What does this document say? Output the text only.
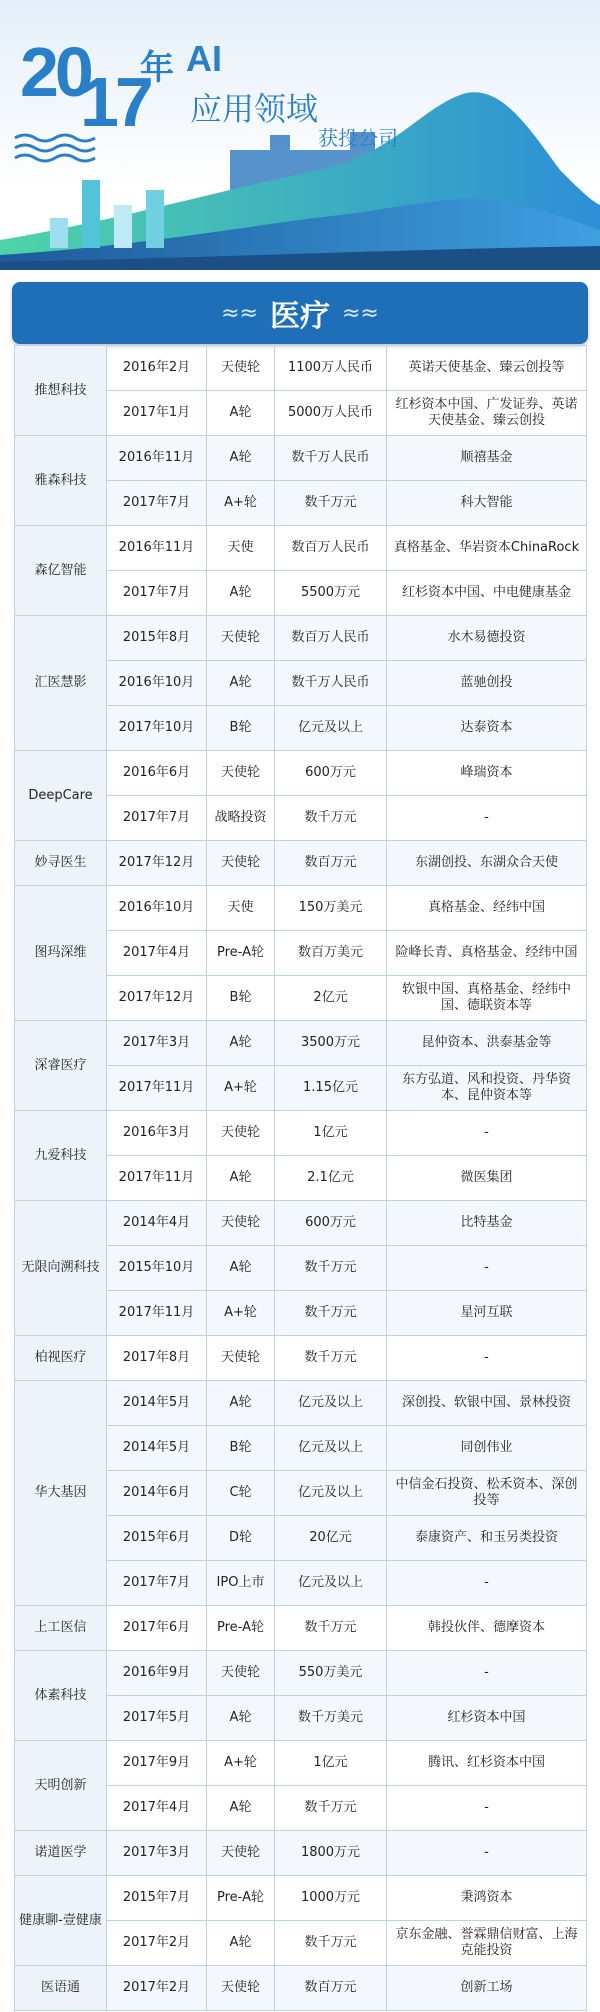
20
17
年 AI
应用领域
获投公司
≈≈ 医疗 ≈≈
推想科技	2016年2月	天使轮	1100万人民币	英诺天使基金、臻云创投等
	2017年1月	A轮	5000万人民币	红杉资本中国、广发证券、英诺天使基金、臻云创投
雅森科技	2016年11月	A轮	数千万人民币	顺禧基金
	2017年7月	A+轮	数千万元	科大智能
森亿智能	2016年11月	天使	数百万人民币	真格基金、华岩资本ChinaRock
	2017年7月	A轮	5500万元	红杉资本中国、中电健康基金
汇医慧影	2015年8月	天使轮	数百万人民币	水木易德投资
	2016年10月	A轮	数千万人民币	蓝驰创投
	2017年10月	B轮	亿元及以上	达泰资本
DeepCare	2016年6月	天使轮	600万元	峰瑞资本
	2017年7月	战略投资	数千万元	-
妙寻医生	2017年12月	天使轮	数百万元	东湖创投、东湖众合天使
图玛深维	2016年10月	天使	150万美元	真格基金、经纬中国
	2017年4月	Pre-A轮	数百万美元	险峰长青、真格基金、经纬中国
	2017年12月	B轮	2亿元	软银中国、真格基金、经纬中国、德联资本等
深睿医疗	2017年3月	A轮	3500万元	昆仲资本、洪泰基金等
	2017年11月	A+轮	1.15亿元	东方弘道、风和投资、丹华资本、昆仲资本等
九爱科技	2016年3月	天使轮	1亿元	-
	2017年11月	A轮	2.1亿元	微医集团
无限向溯科技	2014年4月	天使轮	600万元	比特基金
	2015年10月	A轮	数千万元	-
	2017年11月	A+轮	数千万元	星河互联
柏视医疗	2017年8月	天使轮	数千万元	-
华大基因	2014年5月	A轮	亿元及以上	深创投、软银中国、景林投资
	2014年5月	B轮	亿元及以上	同创伟业
	2014年6月	C轮	亿元及以上	中信金石投资、松禾资本、深创投等
	2015年6月	D轮	20亿元	泰康资产、和玉另类投资
	2017年7月	IPO上市	亿元及以上	-
上工医信	2017年6月	Pre-A轮	数千万元	韩投伙伴、德摩资本
体素科技	2016年9月	天使轮	550万美元	-
	2017年5月	A轮	数千万美元	红杉资本中国
天明创新	2017年9月	A+轮	1亿元	腾讯、红杉资本中国
	2017年4月	A轮	数千万元	-
诺道医学	2017年3月	天使轮	1800万元	-
健康聊-壹健康	2015年7月	Pre-A轮	1000万元	秉鸿资本
	2017年2月	A轮	数千万元	京东金融、誉霖鼎信财富、上海克能投资
医语通	2017年2月	天使轮	数百万元	创新工场
